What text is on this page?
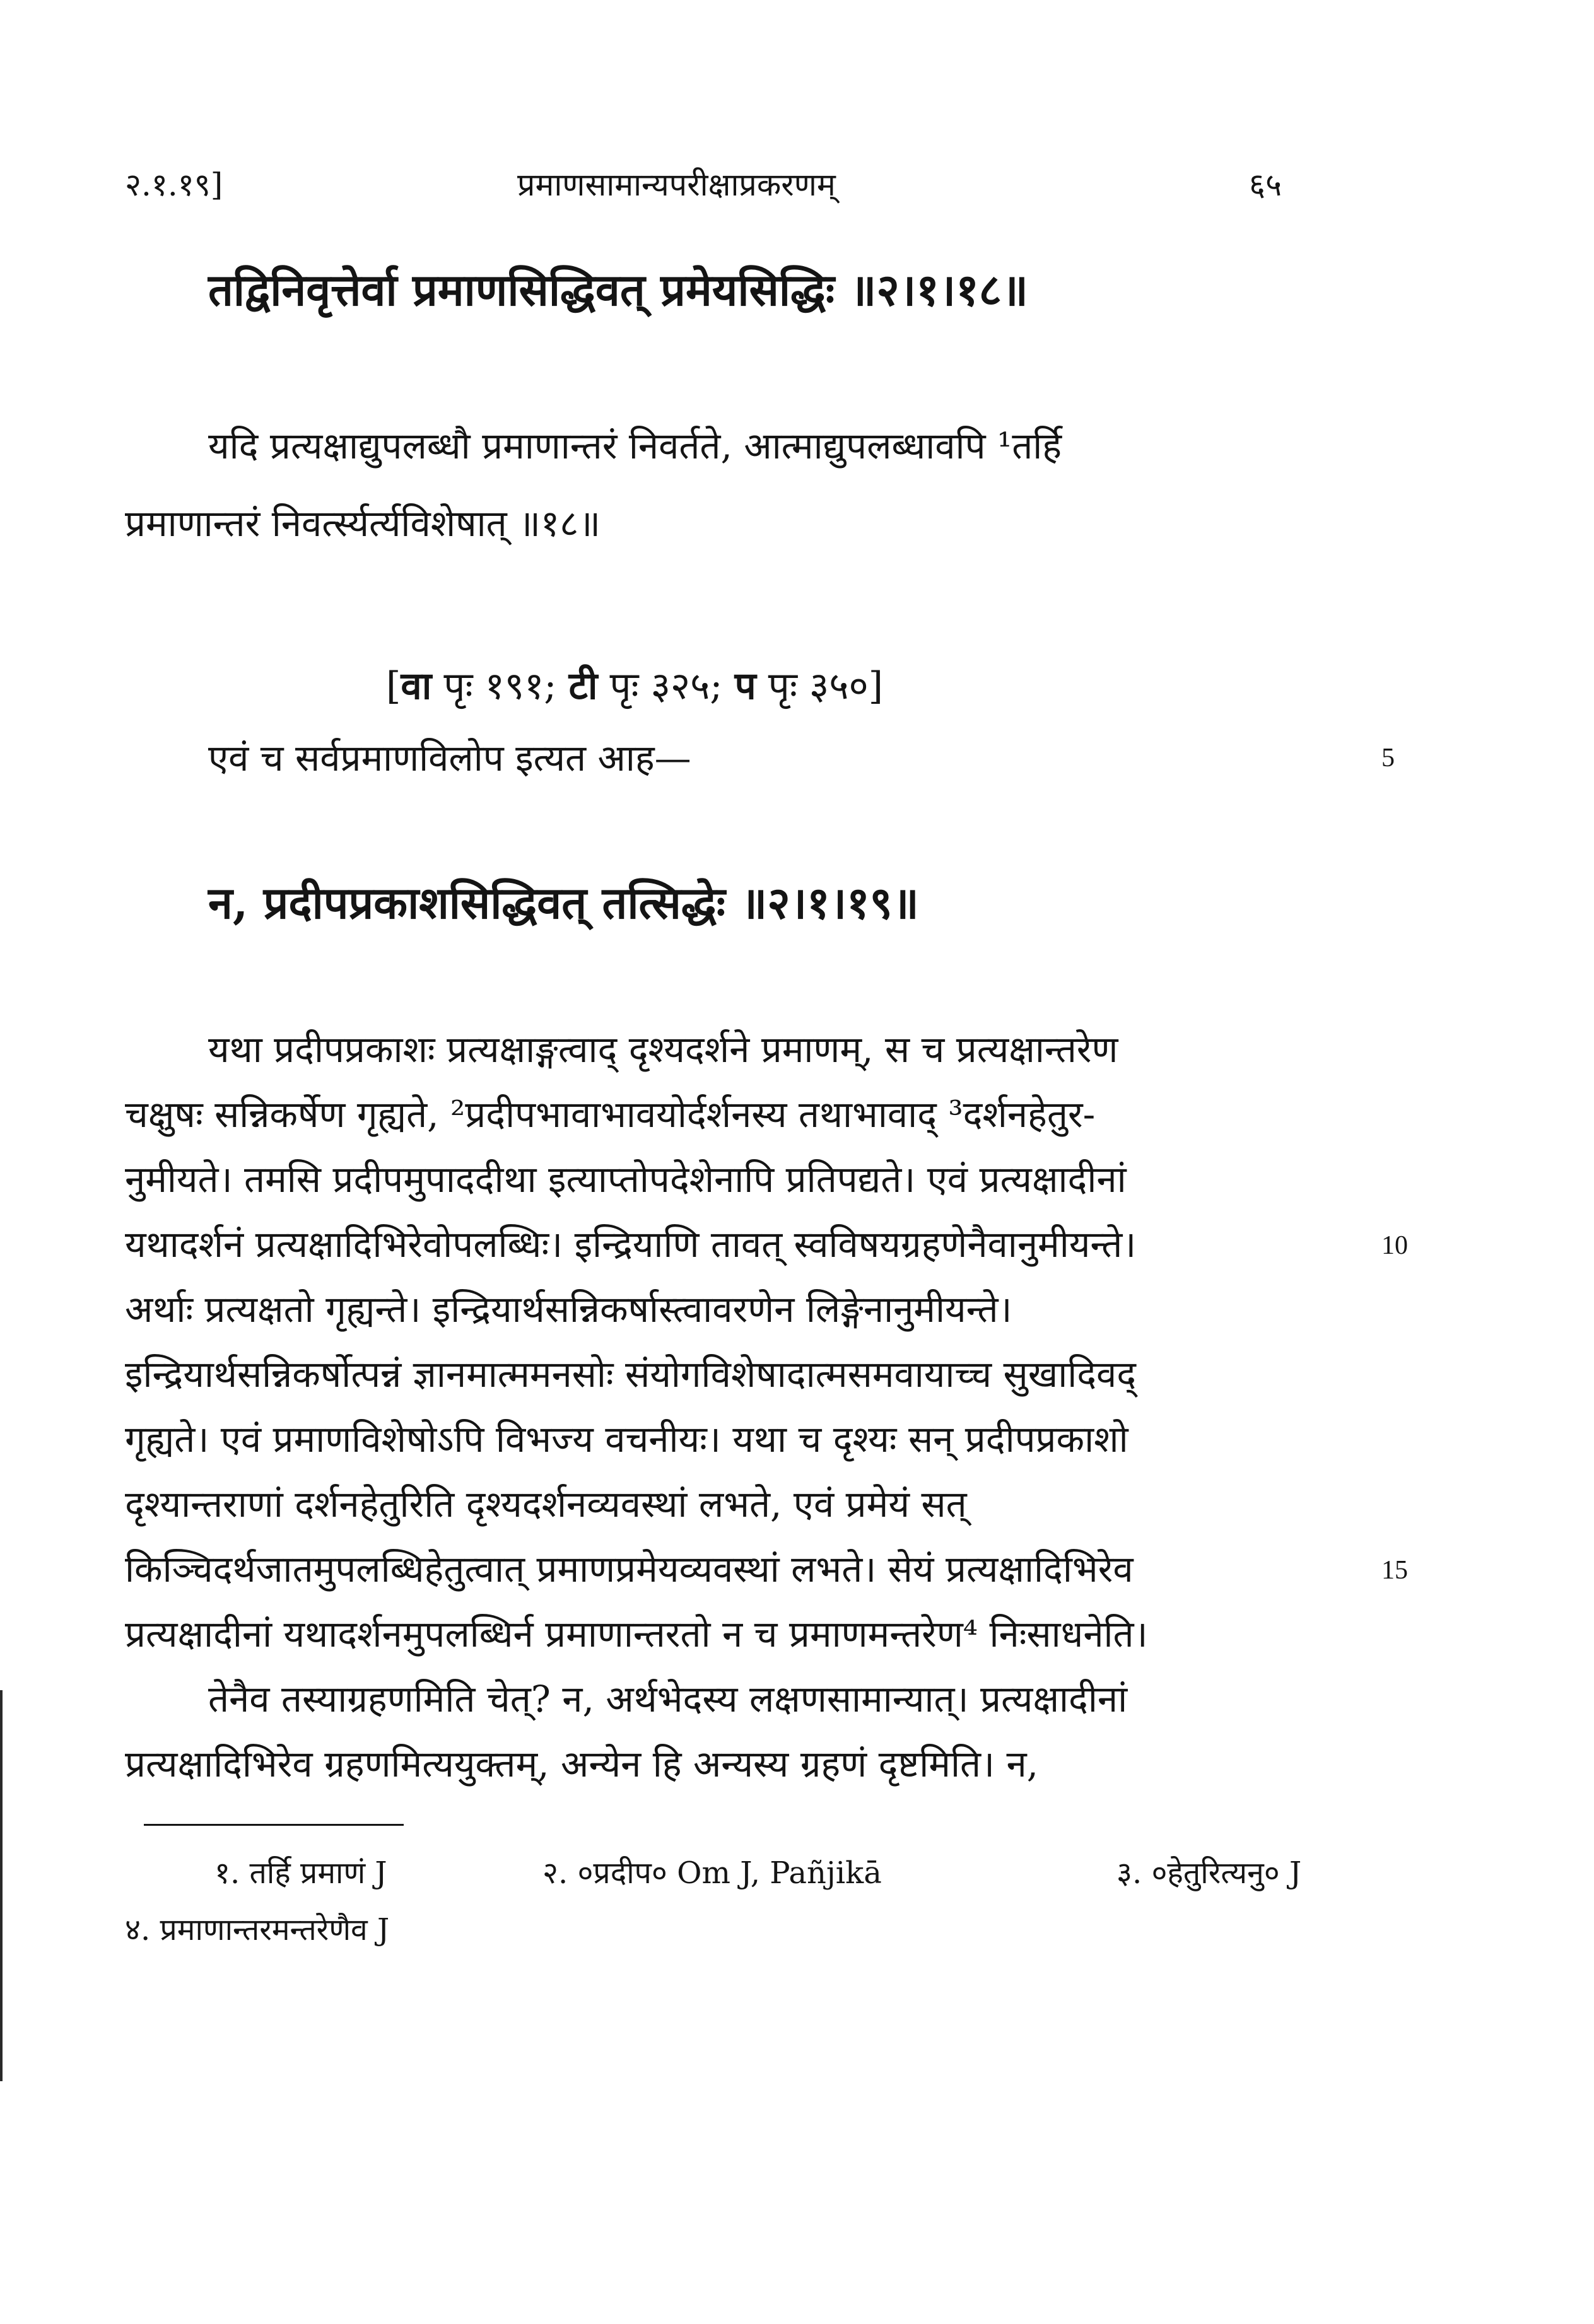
२.१.१९]	प्रमाणसामान्यपरीक्षाप्रकरणम्	६५
तद्विनिवृत्तेर्वा प्रमाणसिद्धिवत् प्रमेयसिद्धिः ॥२।१।१८॥
यदि प्रत्यक्षाद्युपलब्धौ प्रमाणान्तरं निवर्तते, आत्माद्युपलब्धावपि ¹तर्हि
प्रमाणान्तरं निवर्त्स्यर्त्यविशेषात् ॥१८॥
[वा पृः १९१; टी पृः ३२५; प पृः ३५०]
एवं च सर्वप्रमाणविलोप इत्यत आह—	5
न, प्रदीपप्रकाशसिद्धिवत् तत्सिद्धेः ॥२।१।१९॥
यथा प्रदीपप्रकाशः प्रत्यक्षाङ्गत्वाद् दृश्यदर्शने प्रमाणम्, स च प्रत्यक्षान्तरेण
चक्षुषः सन्निकर्षेण गृह्यते, ²प्रदीपभावाभावयोर्दर्शनस्य तथाभावाद् ³दर्शनहेतुर-
नुमीयते। तमसि प्रदीपमुपाददीथा इत्याप्तोपदेशेनापि प्रतिपद्यते। एवं प्रत्यक्षादीनां
यथादर्शनं प्रत्यक्षादिभिरेवोपलब्धिः। इन्द्रियाणि तावत् स्वविषयग्रहणेनैवानुमीयन्ते।	10
अर्थाः प्रत्यक्षतो गृह्यन्ते। इन्द्रियार्थसन्निकर्षास्त्वावरणेन लिङ्गेनानुमीयन्ते।
इन्द्रियार्थसन्निकर्षोत्पन्नं ज्ञानमात्ममनसोः संयोगविशेषादात्मसमवायाच्च सुखादिवद्
गृह्यते। एवं प्रमाणविशेषोऽपि विभज्य वचनीयः। यथा च दृश्यः सन् प्रदीपप्रकाशो
दृश्यान्तराणां दर्शनहेतुरिति दृश्यदर्शनव्यवस्थां लभते, एवं प्रमेयं सत्
किञ्चिदर्थजातमुपलब्धिहेतुत्वात् प्रमाणप्रमेयव्यवस्थां लभते। सेयं प्रत्यक्षादिभिरेव	15
प्रत्यक्षादीनां यथादर्शनमुपलब्धिर्न प्रमाणान्तरतो न च प्रमाणमन्तरेण⁴ निःसाधनेति।
तेनैव तस्याग्रहणमिति चेत्? न, अर्थभेदस्य लक्षणसामान्यात्। प्रत्यक्षादीनां
प्रत्यक्षादिभिरेव ग्रहणमित्ययुक्तम्, अन्येन हि अन्यस्य ग्रहणं दृष्टमिति। न,
१. तर्हि प्रमाणं J	२. ०प्रदीप० Om J, Pañjikā	३. ०हेतुरित्यनु० J
४. प्रमाणान्तरमन्तरेणैव J
